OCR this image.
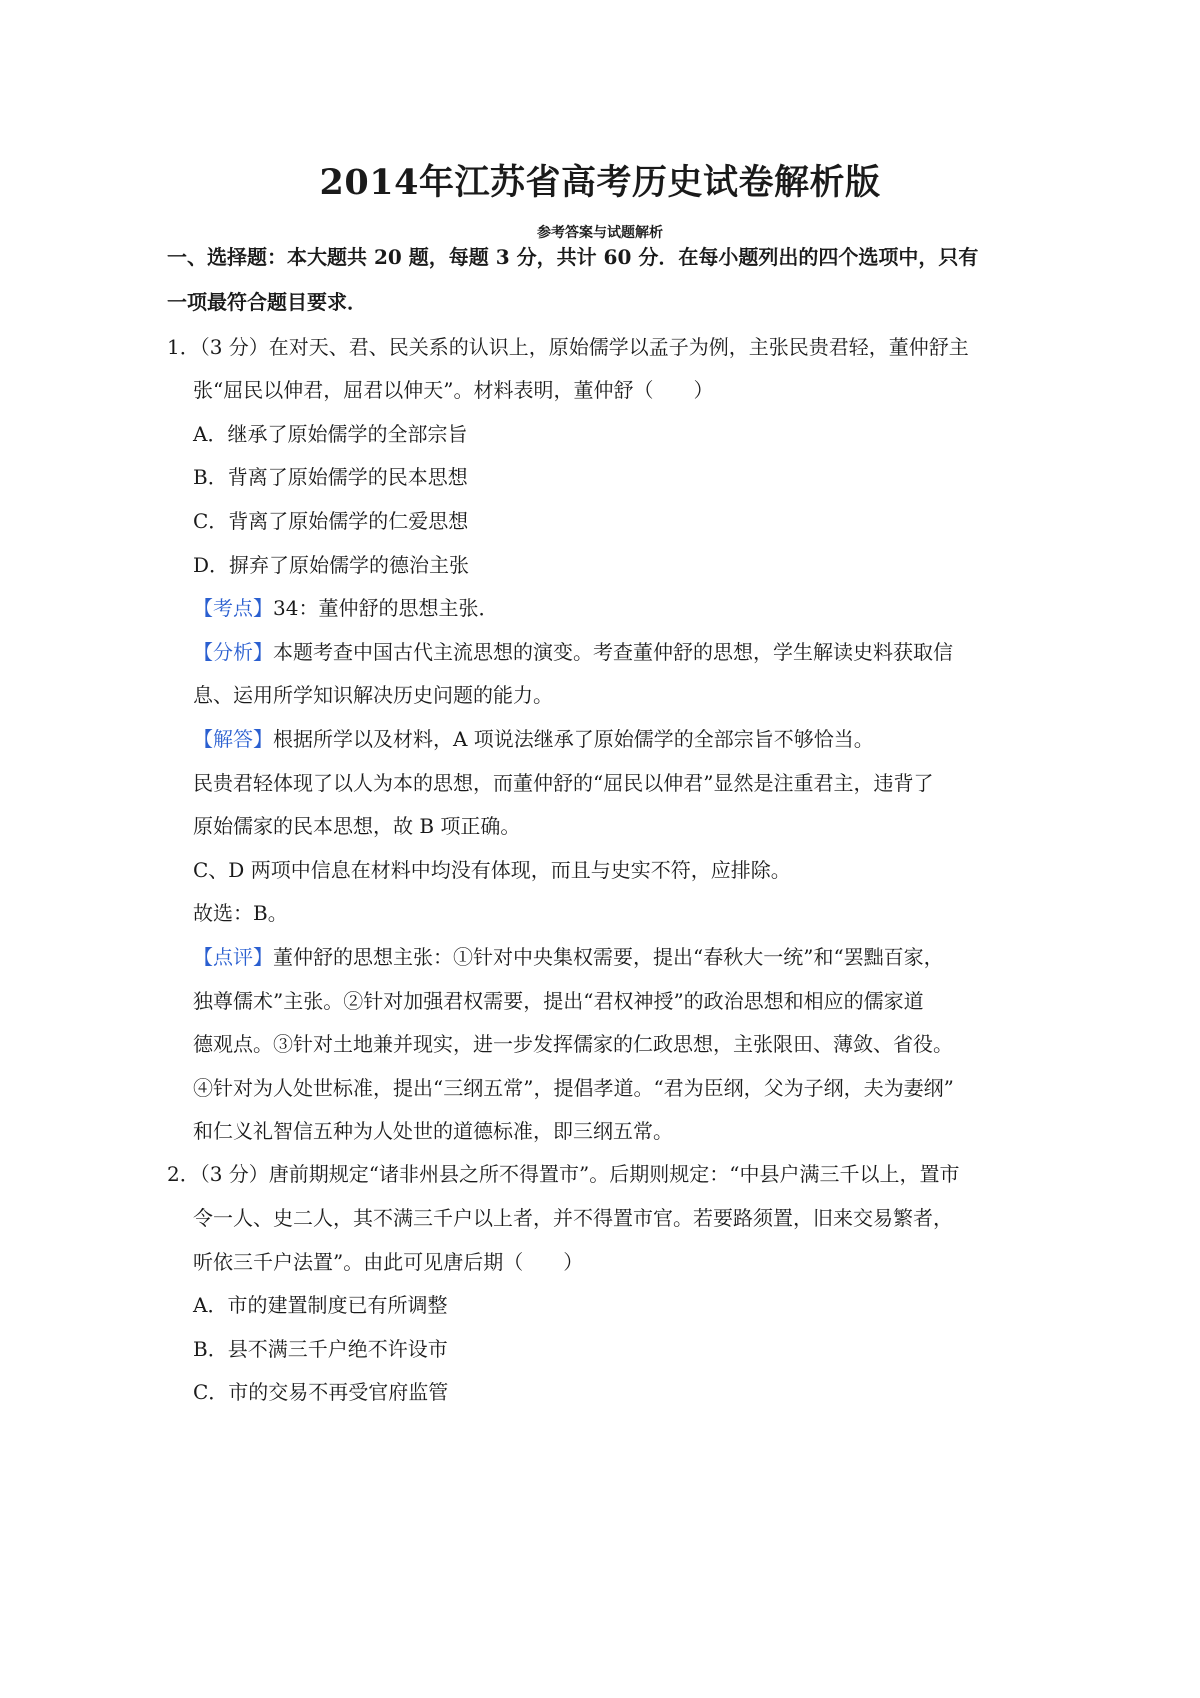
2014年江苏省高考历史试卷解析版
参考答案与试题解析
一、选择题：本大题共 20 题，每题 3 分，共计 60 分．在每小题列出的四个选项中，只有
一项最符合题目要求．
1．（3 分）在对天、君、民关系的认识上，原始儒学以孟子为例，主张民贵君轻，董仲舒主
张“屈民以伸君，屈君以伸天”。材料表明，董仲舒（　　）
A．继承了原始儒学的全部宗旨
B．背离了原始儒学的民本思想
C．背离了原始儒学的仁爱思想
D．摒弃了原始儒学的德治主张
【考点】34：董仲舒的思想主张．
【分析】本题考查中国古代主流思想的演变。考查董仲舒的思想，学生解读史料获取信
息、运用所学知识解决历史问题的能力。
【解答】根据所学以及材料，A 项说法继承了原始儒学的全部宗旨不够恰当。
民贵君轻体现了以人为本的思想，而董仲舒的“屈民以伸君”显然是注重君主，违背了
原始儒家的民本思想，故 B 项正确。
C、D 两项中信息在材料中均没有体现，而且与史实不符，应排除。
故选：B。
【点评】董仲舒的思想主张：①针对中央集权需要，提出“春秋大一统”和“罢黜百家，
独尊儒术”主张。②针对加强君权需要，提出“君权神授”的政治思想和相应的儒家道
德观点。③针对土地兼并现实，进一步发挥儒家的仁政思想，主张限田、薄敛、省役。
④针对为人处世标准，提出“三纲五常”，提倡孝道。“君为臣纲，父为子纲，夫为妻纲”
和仁义礼智信五种为人处世的道德标准，即三纲五常。
2．（3 分）唐前期规定“诸非州县之所不得置市”。后期则规定：“中县户满三千以上，置市
令一人、史二人，其不满三千户以上者，并不得置市官。若要路须置，旧来交易繁者，
听依三千户法置”。由此可见唐后期（　　）
A．市的建置制度已有所调整
B．县不满三千户绝不许设市
C．市的交易不再受官府监管
